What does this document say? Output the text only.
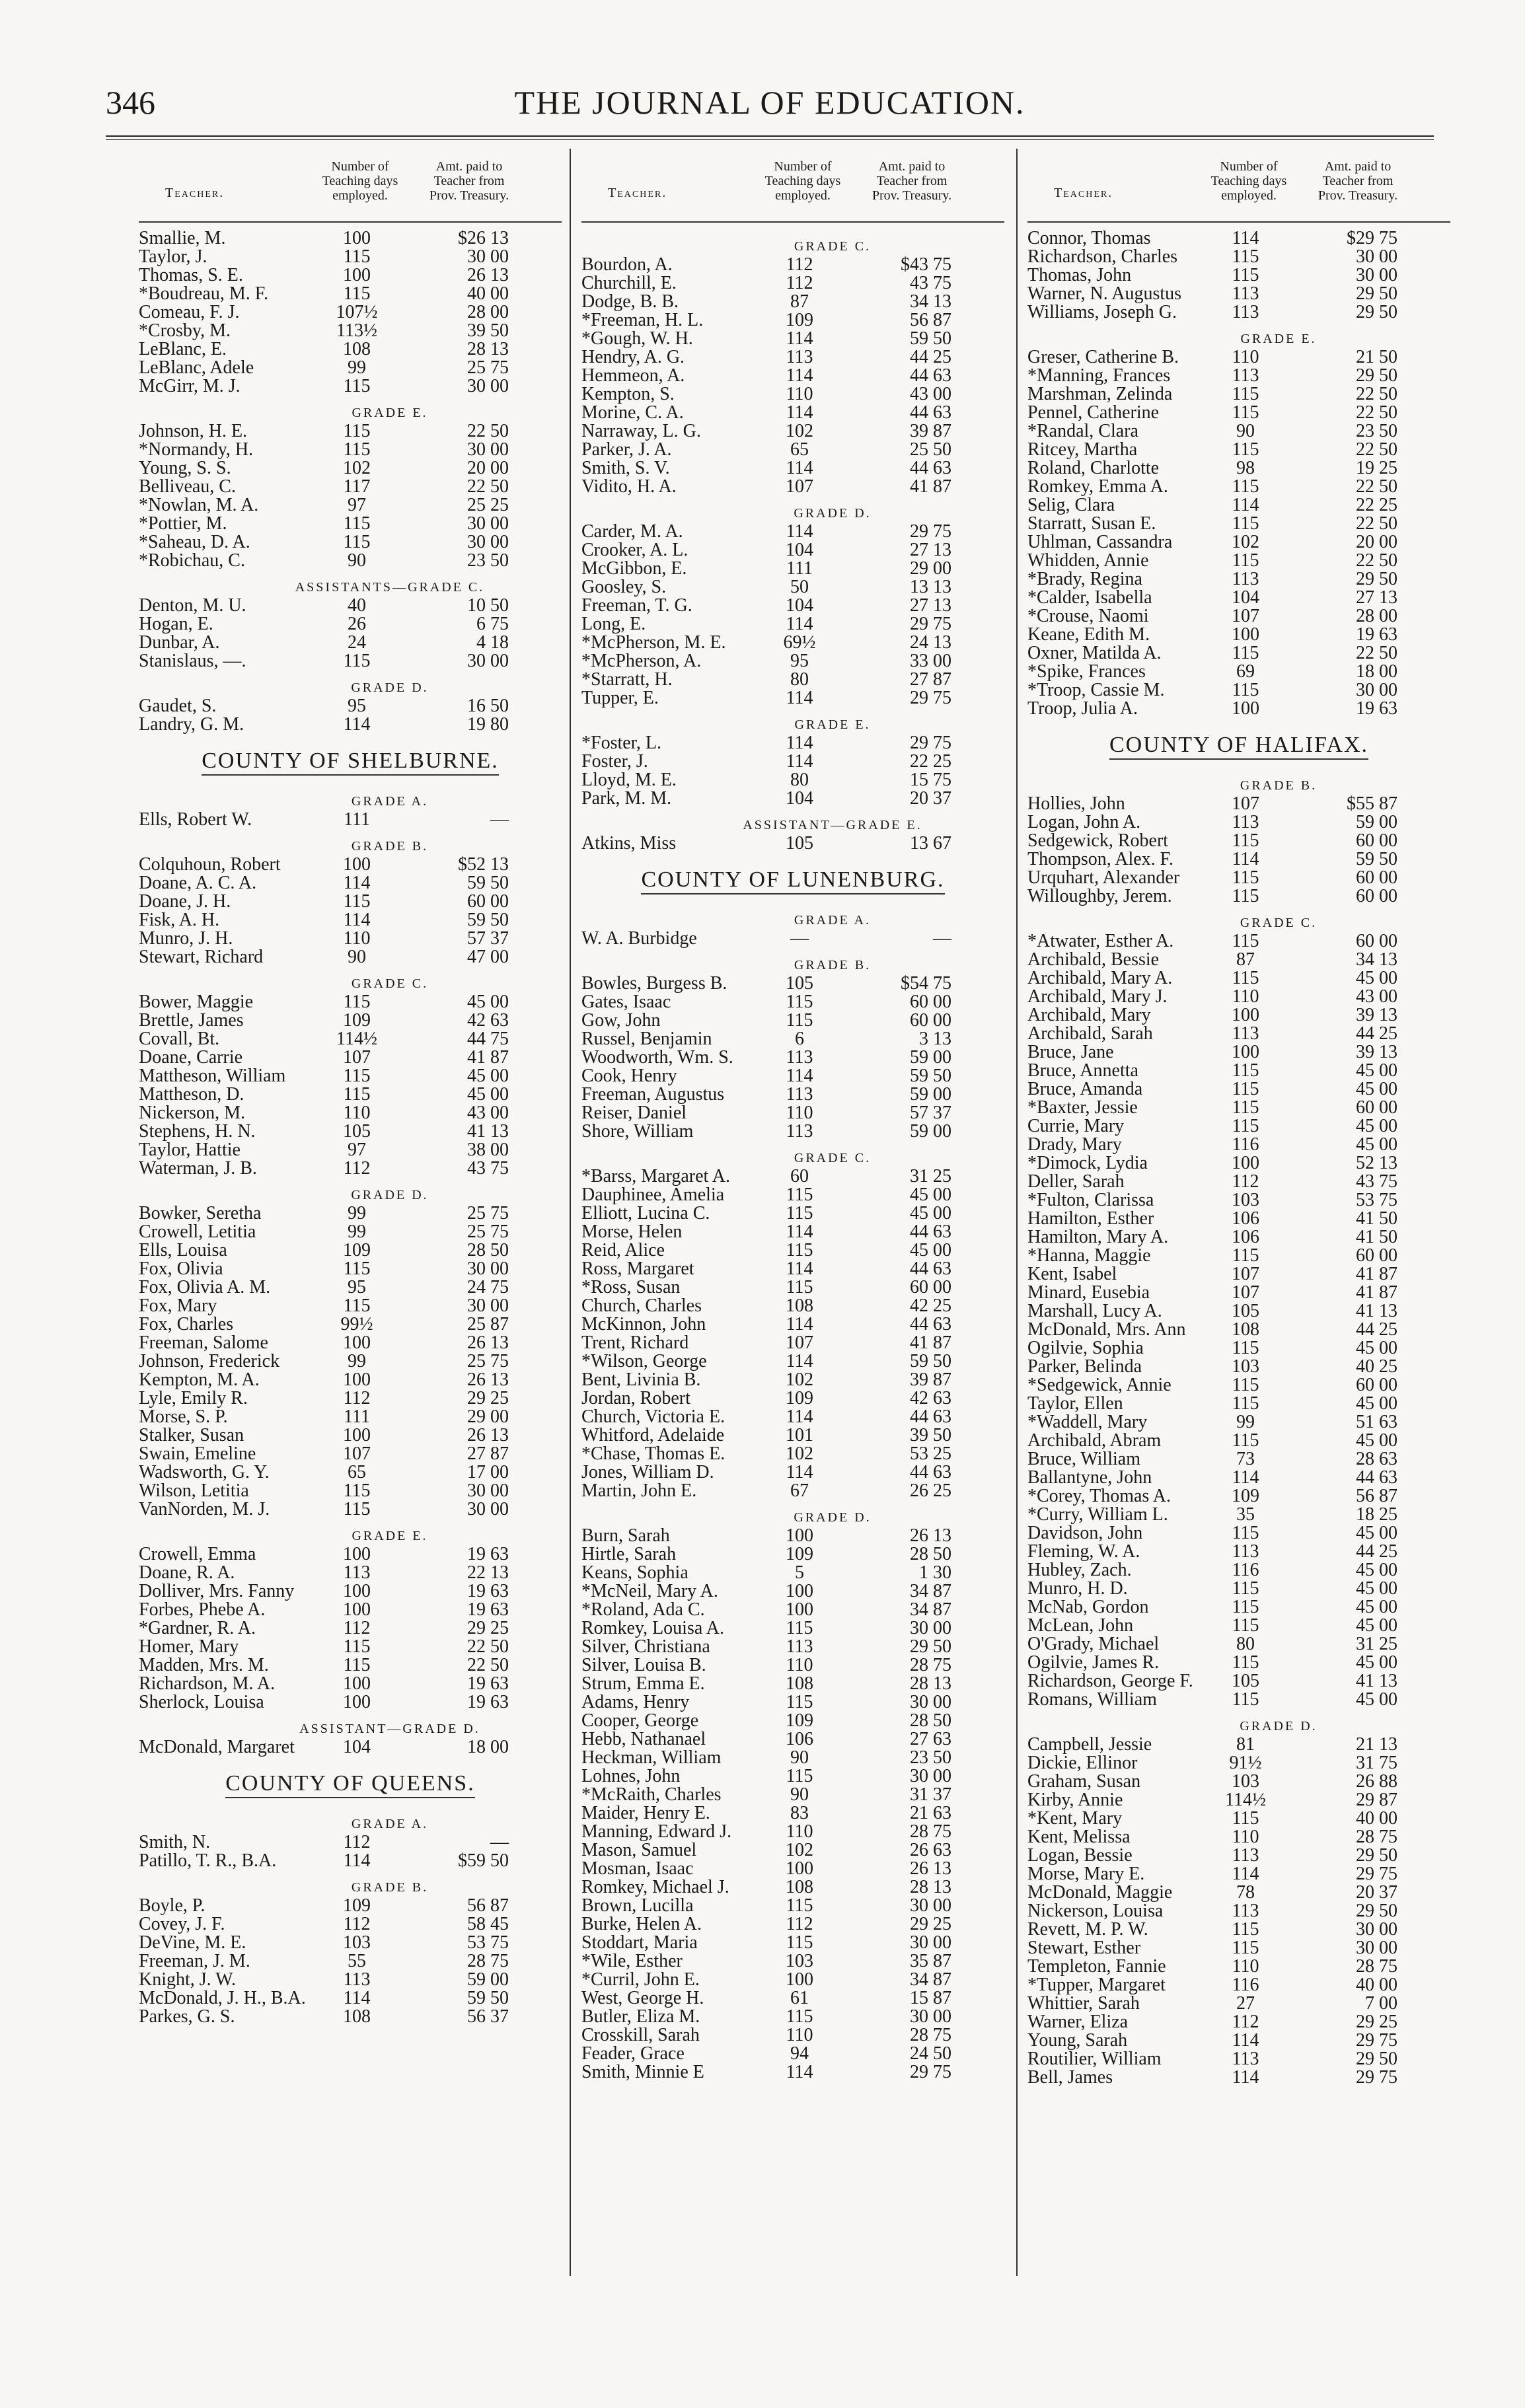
346	THE JOURNAL OF EDUCATION.
Teacher.
Number of
Teaching days
employed.
Amt. paid to
Teacher from
Prov. Treasury.
Smallie, M.	100	$26 13
Taylor, J.	115	30 00
Thomas, S. E.	100	26 13
*Boudreau, M. F.	115	40 00
Comeau, F. J.	107½	28 00
*Crosby, M.	113½	39 50
LeBlanc, E.	108	28 13
LeBlanc, Adele	99	25 75
McGirr, M. J.	115	30 00
GRADE E.
Johnson, H. E.	115	22 50
*Normandy, H.	115	30 00
Young, S. S.	102	20 00
Belliveau, C.	117	22 50
*Nowlan, M. A.	97	25 25
*Pottier, M.	115	30 00
*Saheau, D. A.	115	30 00
*Robichau, C.	90	23 50
ASSISTANTS—GRADE C.
Denton, M. U.	40	10 50
Hogan, E.	26	6 75
Dunbar, A.	24	4 18
Stanislaus, —.	115	30 00
GRADE D.
Gaudet, S.	95	16 50
Landry, G. M.	114	19 80
COUNTY OF SHELBURNE.
GRADE A.
Ells, Robert W.	111	—
GRADE B.
Colquhoun, Robert	100	$52 13
Doane, A. C. A.	114	59 50
Doane, J. H.	115	60 00
Fisk, A. H.	114	59 50
Munro, J. H.	110	57 37
Stewart, Richard	90	47 00
GRADE C.
Bower, Maggie	115	45 00
Brettle, James	109	42 63
Covall, Bt.	114½	44 75
Doane, Carrie	107	41 87
Mattheson, William	115	45 00
Mattheson, D.	115	45 00
Nickerson, M.	110	43 00
Stephens, H. N.	105	41 13
Taylor, Hattie	97	38 00
Waterman, J. B.	112	43 75
GRADE D.
Bowker, Seretha	99	25 75
Crowell, Letitia	99	25 75
Ells, Louisa	109	28 50
Fox, Olivia	115	30 00
Fox, Olivia A. M.	95	24 75
Fox, Mary	115	30 00
Fox, Charles	99½	25 87
Freeman, Salome	100	26 13
Johnson, Frederick	99	25 75
Kempton, M. A.	100	26 13
Lyle, Emily R.	112	29 25
Morse, S. P.	111	29 00
Stalker, Susan	100	26 13
Swain, Emeline	107	27 87
Wadsworth, G. Y.	65	17 00
Wilson, Letitia	115	30 00
VanNorden, M. J.	115	30 00
GRADE E.
Crowell, Emma	100	19 63
Doane, R. A.	113	22 13
Dolliver, Mrs. Fanny	100	19 63
Forbes, Phebe A.	100	19 63
*Gardner, R. A.	112	29 25
Homer, Mary	115	22 50
Madden, Mrs. M.	115	22 50
Richardson, M. A.	100	19 63
Sherlock, Louisa	100	19 63
ASSISTANT—GRADE D.
McDonald, Margaret	104	18 00
COUNTY OF QUEENS.
GRADE A.
Smith, N.	112	—
Patillo, T. R., B.A.	114	$59 50
GRADE B.
Boyle, P.	109	56 87
Covey, J. F.	112	58 45
DeVine, M. E.	103	53 75
Freeman, J. M.	55	28 75
Knight, J. W.	113	59 00
McDonald, J. H., B.A.	114	59 50
Parkes, G. S.	108	56 37
Teacher.
Number of
Teaching days
employed.
Amt. paid to
Teacher from
Prov. Treasury.
GRADE C.
Bourdon, A.	112	$43 75
Churchill, E.	112	43 75
Dodge, B. B.	87	34 13
*Freeman, H. L.	109	56 87
*Gough, W. H.	114	59 50
Hendry, A. G.	113	44 25
Hemmeon, A.	114	44 63
Kempton, S.	110	43 00
Morine, C. A.	114	44 63
Narraway, L. G.	102	39 87
Parker, J. A.	65	25 50
Smith, S. V.	114	44 63
Vidito, H. A.	107	41 87
GRADE D.
Carder, M. A.	114	29 75
Crooker, A. L.	104	27 13
McGibbon, E.	111	29 00
Goosley, S.	50	13 13
Freeman, T. G.	104	27 13
Long, E.	114	29 75
*McPherson, M. E.	69½	24 13
*McPherson, A.	95	33 00
*Starratt, H.	80	27 87
Tupper, E.	114	29 75
GRADE E.
*Foster, L.	114	29 75
Foster, J.	114	22 25
Lloyd, M. E.	80	15 75
Park, M. M.	104	20 37
ASSISTANT—GRADE E.
Atkins, Miss	105	13 67
COUNTY OF LUNENBURG.
GRADE A.
W. A. Burbidge	—	—
GRADE B.
Bowles, Burgess B.	105	$54 75
Gates, Isaac	115	60 00
Gow, John	115	60 00
Russel, Benjamin	6	3 13
Woodworth, Wm. S.	113	59 00
Cook, Henry	114	59 50
Freeman, Augustus	113	59 00
Reiser, Daniel	110	57 37
Shore, William	113	59 00
GRADE C.
*Barss, Margaret A.	60	31 25
Dauphinee, Amelia	115	45 00
Elliott, Lucina C.	115	45 00
Morse, Helen	114	44 63
Reid, Alice	115	45 00
Ross, Margaret	114	44 63
*Ross, Susan	115	60 00
Church, Charles	108	42 25
McKinnon, John	114	44 63
Trent, Richard	107	41 87
*Wilson, George	114	59 50
Bent, Livinia B.	102	39 87
Jordan, Robert	109	42 63
Church, Victoria E.	114	44 63
Whitford, Adelaide	101	39 50
*Chase, Thomas E.	102	53 25
Jones, William D.	114	44 63
Martin, John E.	67	26 25
GRADE D.
Burn, Sarah	100	26 13
Hirtle, Sarah	109	28 50
Keans, Sophia	5	1 30
*McNeil, Mary A.	100	34 87
*Roland, Ada C.	100	34 87
Romkey, Louisa A.	115	30 00
Silver, Christiana	113	29 50
Silver, Louisa B.	110	28 75
Strum, Emma E.	108	28 13
Adams, Henry	115	30 00
Cooper, George	109	28 50
Hebb, Nathanael	106	27 63
Heckman, William	90	23 50
Lohnes, John	115	30 00
*McRaith, Charles	90	31 37
Maider, Henry E.	83	21 63
Manning, Edward J.	110	28 75
Mason, Samuel	102	26 63
Mosman, Isaac	100	26 13
Romkey, Michael J.	108	28 13
Brown, Lucilla	115	30 00
Burke, Helen A.	112	29 25
Stoddart, Maria	115	30 00
*Wile, Esther	103	35 87
*Curril, John E.	100	34 87
West, George H.	61	15 87
Butler, Eliza M.	115	30 00
Crosskill, Sarah	110	28 75
Feader, Grace	94	24 50
Smith, Minnie E	114	29 75
Teacher.
Number of
Teaching days
employed.
Amt. paid to
Teacher from
Prov. Treasury.
Connor, Thomas	114	$29 75
Richardson, Charles	115	30 00
Thomas, John	115	30 00
Warner, N. Augustus	113	29 50
Williams, Joseph G.	113	29 50
GRADE E.
Greser, Catherine B.	110	21 50
*Manning, Frances	113	29 50
Marshman, Zelinda	115	22 50
Pennel, Catherine	115	22 50
*Randal, Clara	90	23 50
Ritcey, Martha	115	22 50
Roland, Charlotte	98	19 25
Romkey, Emma A.	115	22 50
Selig, Clara	114	22 25
Starratt, Susan E.	115	22 50
Uhlman, Cassandra	102	20 00
Whidden, Annie	115	22 50
*Brady, Regina	113	29 50
*Calder, Isabella	104	27 13
*Crouse, Naomi	107	28 00
Keane, Edith M.	100	19 63
Oxner, Matilda A.	115	22 50
*Spike, Frances	69	18 00
*Troop, Cassie M.	115	30 00
Troop, Julia A.	100	19 63
COUNTY OF HALIFAX.
GRADE B.
Hollies, John	107	$55 87
Logan, John A.	113	59 00
Sedgewick, Robert	115	60 00
Thompson, Alex. F.	114	59 50
Urquhart, Alexander	115	60 00
Willoughby, Jerem.	115	60 00
GRADE C.
*Atwater, Esther A.	115	60 00
Archibald, Bessie	87	34 13
Archibald, Mary A.	115	45 00
Archibald, Mary J.	110	43 00
Archibald, Mary	100	39 13
Archibald, Sarah	113	44 25
Bruce, Jane	100	39 13
Bruce, Annetta	115	45 00
Bruce, Amanda	115	45 00
*Baxter, Jessie	115	60 00
Currie, Mary	115	45 00
Drady, Mary	116	45 00
*Dimock, Lydia	100	52 13
Deller, Sarah	112	43 75
*Fulton, Clarissa	103	53 75
Hamilton, Esther	106	41 50
Hamilton, Mary A.	106	41 50
*Hanna, Maggie	115	60 00
Kent, Isabel	107	41 87
Minard, Eusebia	107	41 87
Marshall, Lucy A.	105	41 13
McDonald, Mrs. Ann	108	44 25
Ogilvie, Sophia	115	45 00
Parker, Belinda	103	40 25
*Sedgewick, Annie	115	60 00
Taylor, Ellen	115	45 00
*Waddell, Mary	99	51 63
Archibald, Abram	115	45 00
Bruce, William	73	28 63
Ballantyne, John	114	44 63
*Corey, Thomas A.	109	56 87
*Curry, William L.	35	18 25
Davidson, John	115	45 00
Fleming, W. A.	113	44 25
Hubley, Zach.	116	45 00
Munro, H. D.	115	45 00
McNab, Gordon	115	45 00
McLean, John	115	45 00
O'Grady, Michael	80	31 25
Ogilvie, James R.	115	45 00
Richardson, George F.	105	41 13
Romans, William	115	45 00
GRADE D.
Campbell, Jessie	81	21 13
Dickie, Ellinor	91½	31 75
Graham, Susan	103	26 88
Kirby, Annie	114½	29 87
*Kent, Mary	115	40 00
Kent, Melissa	110	28 75
Logan, Bessie	113	29 50
Morse, Mary E.	114	29 75
McDonald, Maggie	78	20 37
Nickerson, Louisa	113	29 50
Revett, M. P. W.	115	30 00
Stewart, Esther	115	30 00
Templeton, Fannie	110	28 75
*Tupper, Margaret	116	40 00
Whittier, Sarah	27	7 00
Warner, Eliza	112	29 25
Young, Sarah	114	29 75
Routilier, William	113	29 50
Bell, James	114	29 75
